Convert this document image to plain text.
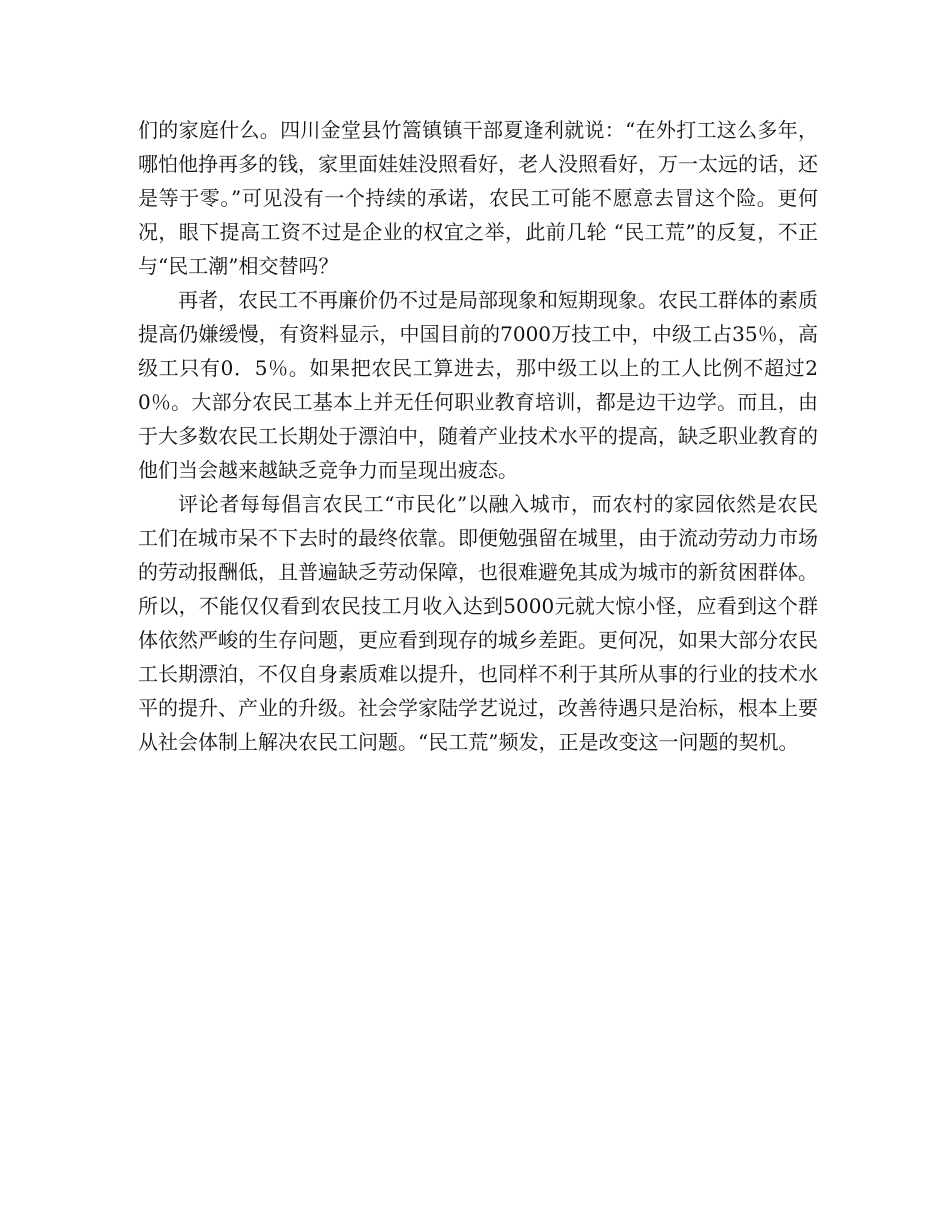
们的家庭什么。四川金堂县竹篙镇镇干部夏逢利就说：“在外打工这么多年，哪怕他挣再多的钱，家里面娃娃没照看好，老人没照看好，万一太远的话，还是等于零。”可见没有一个持续的承诺，农民工可能不愿意去冒这个险。更何况，眼下提高工资不过是企业的权宜之举，此前几轮 “民工荒”的反复，不正与“民工潮”相交替吗？

再者，农民工不再廉价仍不过是局部现象和短期现象。农民工群体的素质提高仍嫌缓慢，有资料显示，中国目前的7000万技工中，中级工占35％，高级工只有0．5％。如果把农民工算进去，那中级工以上的工人比例不超过20％。大部分农民工基本上并无任何职业教育培训，都是边干边学。而且，由于大多数农民工长期处于漂泊中，随着产业技术水平的提高，缺乏职业教育的他们当会越来越缺乏竞争力而呈现出疲态。

评论者每每倡言农民工“市民化”以融入城市，而农村的家园依然是农民工们在城市呆不下去时的最终依靠。即便勉强留在城里，由于流动劳动力市场的劳动报酬低，且普遍缺乏劳动保障，也很难避免其成为城市的新贫困群体。所以，不能仅仅看到农民技工月收入达到5000元就大惊小怪，应看到这个群体依然严峻的生存问题，更应看到现存的城乡差距。更何况，如果大部分农民工长期漂泊，不仅自身素质难以提升，也同样不利于其所从事的行业的技术水平的提升、产业的升级。社会学家陆学艺说过，改善待遇只是治标，根本上要从社会体制上解决农民工问题。“民工荒”频发，正是改变这一问题的契机。
